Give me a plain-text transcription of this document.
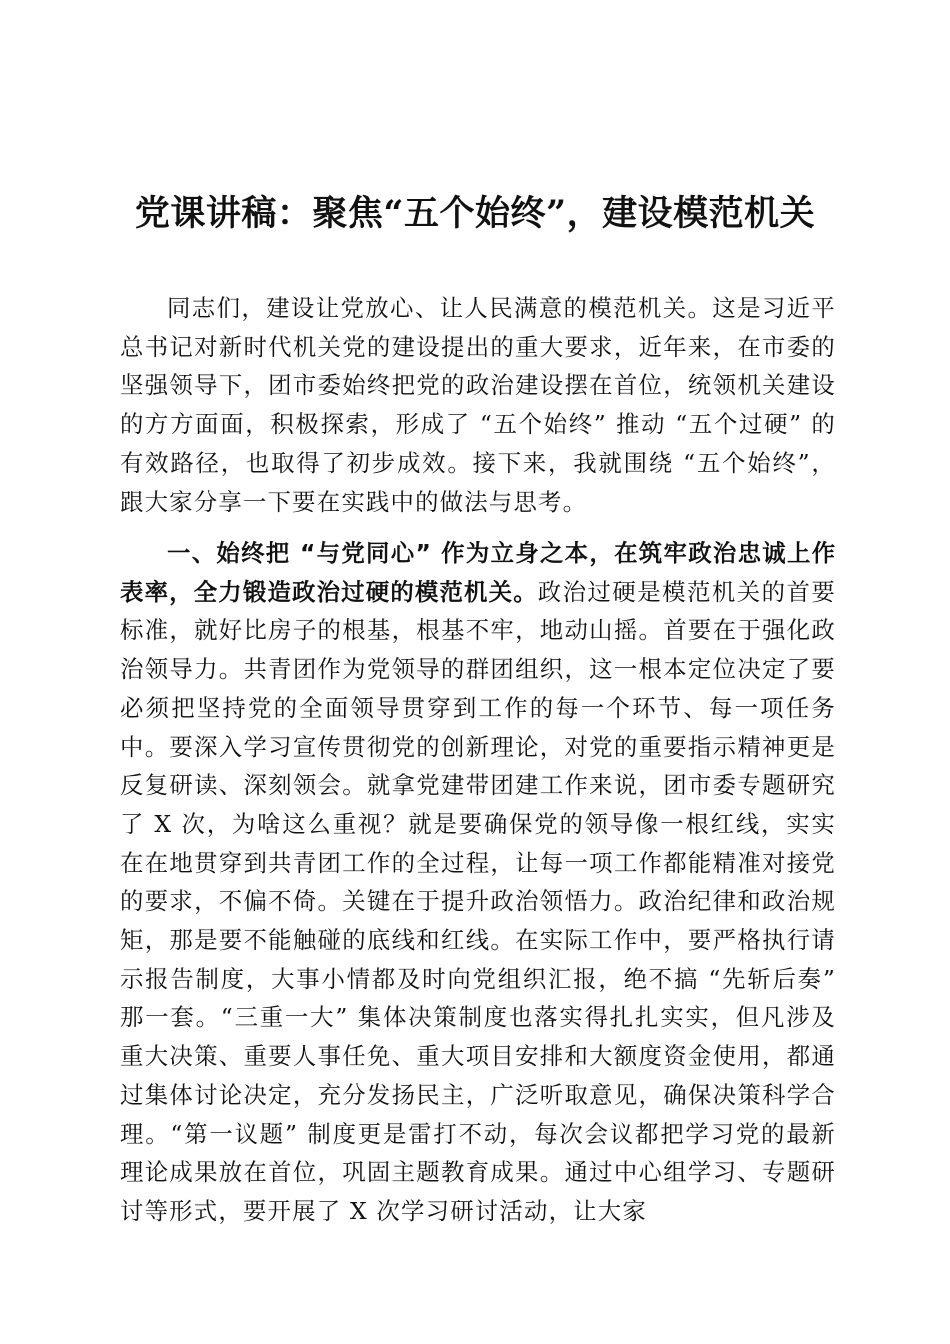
党课讲稿：聚焦“五个始终”，建设模范机关

同志们，建设让党放心、让人民满意的模范机关。这是习近平总书记对新时代机关党的建设提出的重大要求，近年来，在市委的坚强领导下，团市委始终把党的政治建设摆在首位，统领机关建设的方方面面，积极探索，形成了 “五个始终” 推动 “五个过硬” 的有效路径，也取得了初步成效。接下来，我就围绕 “五个始终”，跟大家分享一下要在实践中的做法与思考。

一、始终把 “与党同心” 作为立身之本，在筑牢政治忠诚上作表率，全力锻造政治过硬的模范机关。政治过硬是模范机关的首要标准，就好比房子的根基，根基不牢，地动山摇。首要在于强化政治领导力。共青团作为党领导的群团组织，这一根本定位决定了要必须把坚持党的全面领导贯穿到工作的每一个环节、每一项任务中。要深入学习宣传贯彻党的创新理论，对党的重要指示精神更是反复研读、深刻领会。就拿党建带团建工作来说，团市委专题研究了 X 次，为啥这么重视？就是要确保党的领导像一根红线，实实在在地贯穿到共青团工作的全过程，让每一项工作都能精准对接党的要求，不偏不倚。关键在于提升政治领悟力。政治纪律和政治规矩，那是要不能触碰的底线和红线。在实际工作中，要严格执行请示报告制度，大事小情都及时向党组织汇报，绝不搞 “先斩后奏” 那一套。“三重一大” 集体决策制度也落实得扎扎实实，但凡涉及重大决策、重要人事任免、重大项目安排和大额度资金使用，都通过集体讨论决定，充分发扬民主，广泛听取意见，确保决策科学合理。“第一议题” 制度更是雷打不动，每次会议都把学习党的最新理论成果放在首位，巩固主题教育成果。通过中心组学习、专题研讨等形式，要开展了 X 次学习研讨活动，让大家
